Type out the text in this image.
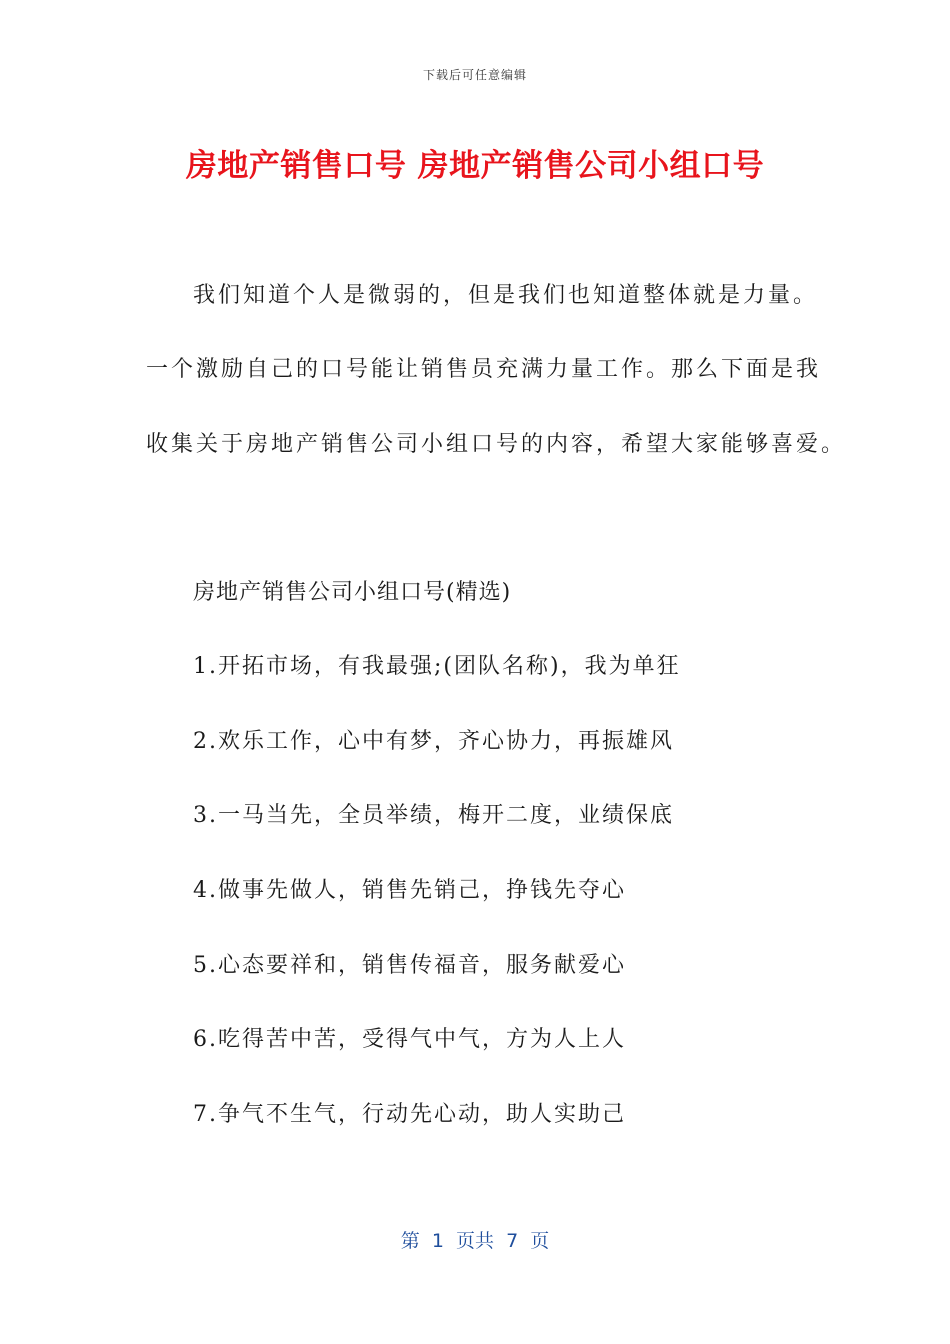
下载后可任意编辑
房地产销售口号 房地产销售公司小组口号
我们知道个人是微弱的，但是我们也知道整体就是力量。
一个激励自己的口号能让销售员充满力量工作。那么下面是我
收集关于房地产销售公司小组口号的内容，希望大家能够喜爱。
房地产销售公司小组口号(精选)
1.开拓市场，有我最强;(团队名称)，我为单狂
2.欢乐工作，心中有梦，齐心协力，再振雄风
3.一马当先，全员举绩，梅开二度，业绩保底
4.做事先做人，销售先销己，挣钱先夺心
5.心态要祥和，销售传福音，服务献爱心
6.吃得苦中苦，受得气中气，方为人上人
7.争气不生气，行动先心动，助人实助己
第  1  页共  7  页
